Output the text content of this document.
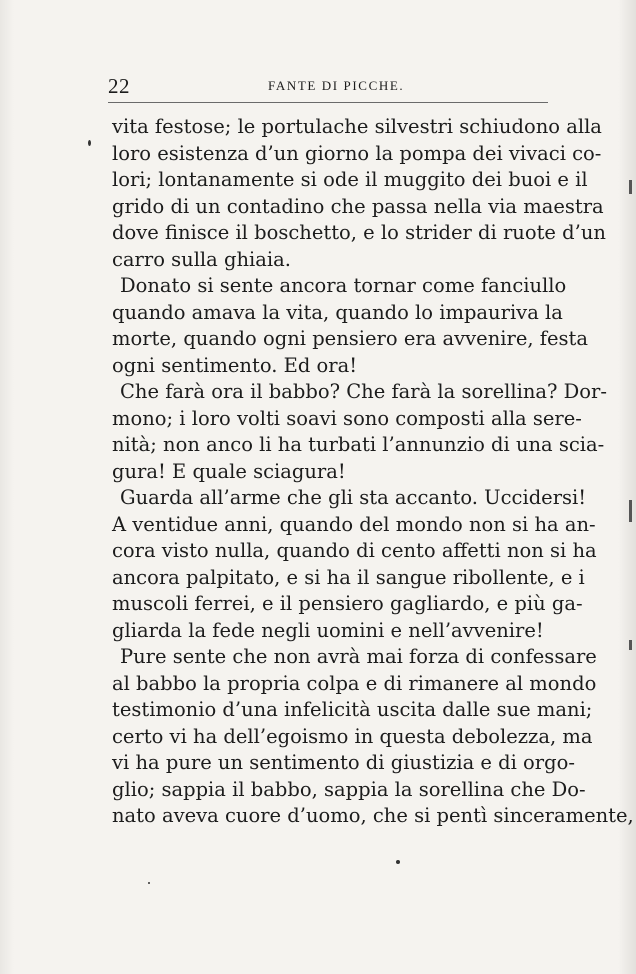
22	FANTE DI PICCHE.
vita festose; le portulache silvestri schiudono alla
loro esistenza d’un giorno la pompa dei vivaci co-
lori; lontanamente si ode il muggito dei buoi e il
grido di un contadino che passa nella via maestra
dove finisce il boschetto, e lo strider di ruote d’un
carro sulla ghiaia.
Donato si sente ancora tornar come fanciullo
quando amava la vita, quando lo impauriva la
morte, quando ogni pensiero era avvenire, festa
ogni sentimento. Ed ora!
Che farà ora il babbo? Che farà la sorellina? Dor-
mono; i loro volti soavi sono composti alla sere-
nità; non anco li ha turbati l’annunzio di una scia-
gura! E quale sciagura!
Guarda all’arme che gli sta accanto. Uccidersi!
A ventidue anni, quando del mondo non si ha an-
cora visto nulla, quando di cento affetti non si ha
ancora palpitato, e si ha il sangue ribollente, e i
muscoli ferrei, e il pensiero gagliardo, e più ga-
gliarda la fede negli uomini e nell’avvenire!
Pure sente che non avrà mai forza di confessare
al babbo la propria colpa e di rimanere al mondo
testimonio d’una infelicità uscita dalle sue mani;
certo vi ha dell’egoismo in questa debolezza, ma
vi ha pure un sentimento di giustizia e di orgo-
glio; sappia il babbo, sappia la sorellina che Do-
nato aveva cuore d’uomo, che si pentì sinceramente,
